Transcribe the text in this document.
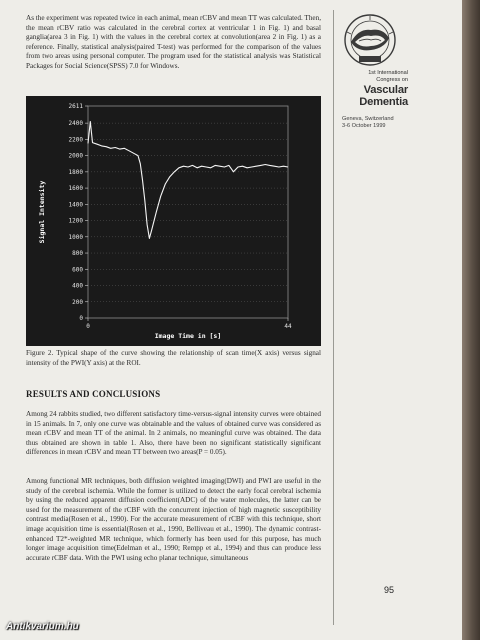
As the experiment was repeated twice in each animal, mean rCBV and mean TT was calculated. Then, the mean rCBV ratio was calculated in the cerebral cortex at ventricular 1 in Fig. 1) and basal ganglia(area 3 in Fig. 1) with the values in the cerebral cortex at convolution(area 2 in Fig. 1) as a reference. Finally, statistical analysis(paired T-test) was performed for the comparison of the values from two areas using personal computer. The program used for the statistical analysis was Statistical Packages for Social Science(SPSS) 7.0 for Windows.

2611
2400
2200
2000
1800
1600
1400
1200
1000
800
600
400
200
0
0	44
Image Time in [s]
Signal Intensity

Figure 2. Typical shape of the curve showing the relationship of scan time(X axis) versus signal intensity of the PWI(Y axis) at the ROI.

RESULTS AND CONCLUSIONS

Among 24 rabbits studied, two different satisfactory time-versus-signal intensity curves were obtained in 15 animals. In 7, only one curve was obtainable and the values of obtained curve was considered as mean rCBV and mean TT of the animal. In 2 animals, no meaningful curve was obtained. The data thus obtained are shown in table 1. Also, there have been no significant statistically significant differences in mean rCBV and mean TT between two areas(P = 0.05).

Among functional MR techniques, both diffusion weighted imaging(DWI) and PWI are useful in the study of the cerebral ischemia. While the former is utilized to detect the early focal cerebral ischemia by using the reduced apparent diffusion coefficient(ADC) of the water molecules, the latter can be used for the measurement of the rCBF with the concurrent injection of high magnetic susceptibility contrast media(Rosen et al., 1990). For the accurate measurement of rCBF with this technique, short image acquisition time is essential(Rosen et al., 1990, Belliveau et al., 1990). The dynamic contrast-enhanced T2*-weighted MR technique, which formerly has been used for this purpose, has much longer image acquisition time(Edelman et al., 1990; Rempp et al., 1994) and thus can produce less accurate rCBF data. With the PWI using echo planar technique, simultaneous

1st International
Congress on
Vascular
Dementia
Geneva, Switzerland
3-6 October 1999
95
Antikvarium.hu
